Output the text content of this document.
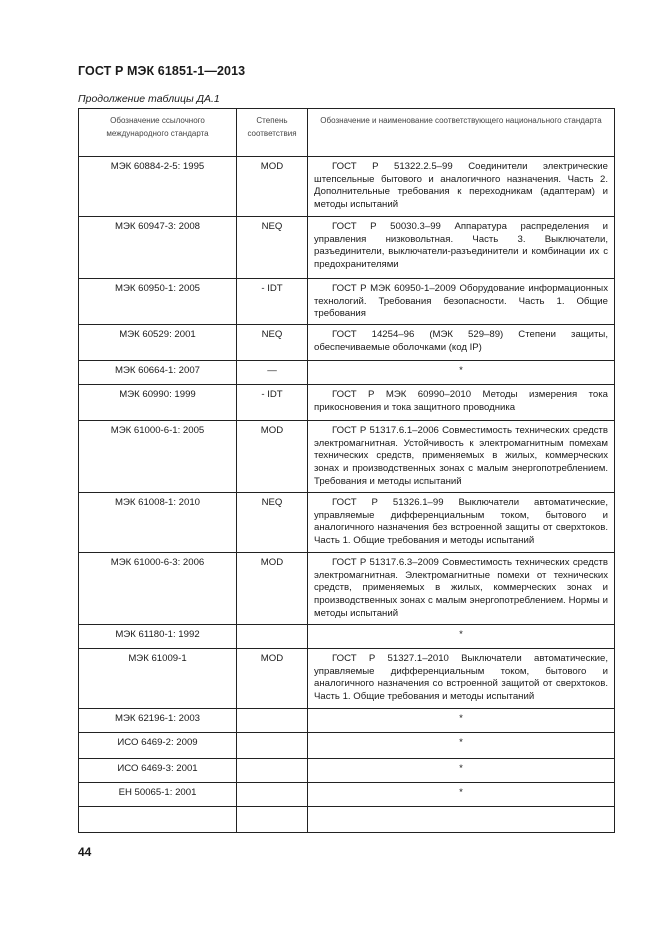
ГОСТ Р МЭК 61851-1—2013
Продолжение таблицы ДА.1
Обозначение ссылочного международного стандарта	Степень соответствия	Обозначение и наименование соответствующего национального стандарта
МЭК 60884-2-5: 1995	MOD	ГОСТ Р 51322.2.5–99 Соединители электрические штепсельные бытового и аналогичного назначения. Часть 2. Дополнительные требования к переходникам (адаптерам) и методы испытаний
МЭК 60947-3: 2008	NEQ	ГОСТ Р 50030.3–99 Аппаратура распределения и управления низковольтная. Часть 3. Выключатели, разъединители, выключатели-разъединители и комбинации их с предохранителями
МЭК 60950-1: 2005	- IDT	ГОСТ Р МЭК 60950-1–2009 Оборудование информационных технологий. Требования безопасности. Часть 1. Общие требования
МЭК 60529: 2001	NEQ	ГОСТ 14254–96 (МЭК 529–89) Степени защиты, обеспечиваемые оболочками (код IP)
МЭК 60664-1: 2007	—	*
МЭК 60990: 1999	- IDT	ГОСТ Р МЭК 60990–2010 Методы измерения тока прикосновения и тока защитного проводника
МЭК 61000-6-1: 2005	MOD	ГОСТ Р 51317.6.1–2006 Совместимость технических средств электромагнитная. Устойчивость к электромагнитным помехам технических средств, применяемых в жилых, коммерческих зонах и производственных зонах с малым энергопотреблением. Требования и методы испытаний
МЭК 61008-1: 2010	NEQ	ГОСТ Р 51326.1–99 Выключатели автоматические, управляемые дифференциальным током, бытового и аналогичного назначения без встроенной защиты от сверхтоков. Часть 1. Общие требования и методы испытаний
МЭК 61000-6-3: 2006	MOD	ГОСТ Р 51317.6.3–2009 Совместимость технических средств электромагнитная. Электромагнитные помехи от технических средств, применяемых в жилых, коммерческих зонах и производственных зонах с малым энергопотреблением. Нормы и методы испытаний
МЭК 61180-1: 1992		*
МЭК 61009-1	MOD	ГОСТ Р 51327.1–2010 Выключатели автоматические, управляемые дифференциальным током, бытового и аналогичного назначения со встроенной защитой от сверхтоков. Часть 1. Общие требования и методы испытаний
МЭК 62196-1: 2003		*
ИСО 6469-2: 2009		*
ИСО 6469-3: 2001		*
ЕН 50065-1: 2001		*

44
